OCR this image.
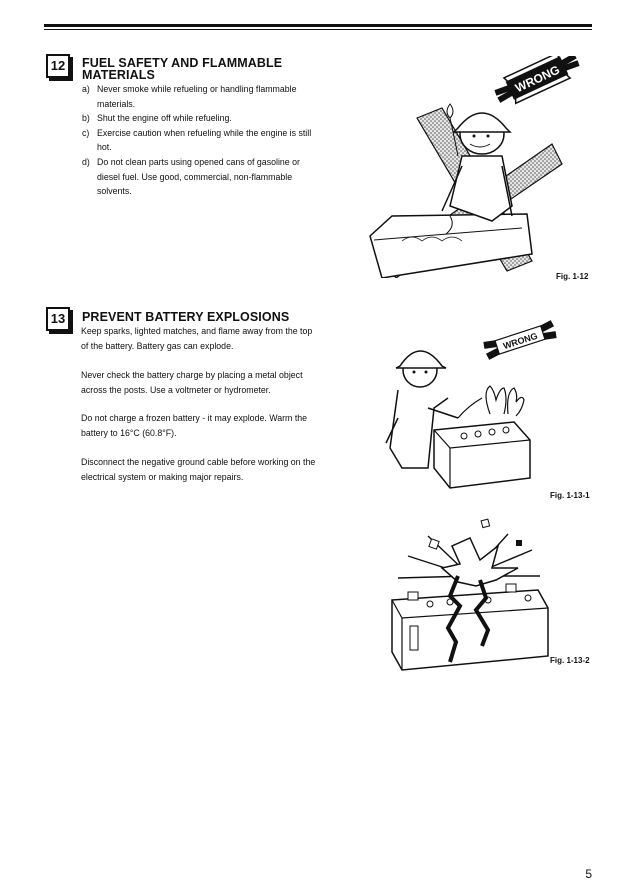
12	FUEL SAFETY AND FLAMMABLE
MATERIALS
a) Never smoke while refueling or handling flammable materials.
b) Shut the engine off while refueling.
c) Exercise caution when refueling while the engine is still hot.
d) Do not clean parts using opened cans of gasoline or diesel fuel. Use good, commercial, non-flammable solvents.
WRONG
Fig. 1-12
13	PREVENT BATTERY EXPLOSIONS

Keep sparks, lighted matches, and flame away from the top of the battery. Battery gas can explode.

Never check the battery charge by placing a metal object across the posts. Use a voltmeter or hydrometer.

Do not charge a frozen battery - it may explode. Warm the battery to 16°C (60.8°F).

Disconnect the negative ground cable before working on the electrical system or making major repairs.

WRONG
Fig. 1-13-1
Fig. 1-13-2
5
